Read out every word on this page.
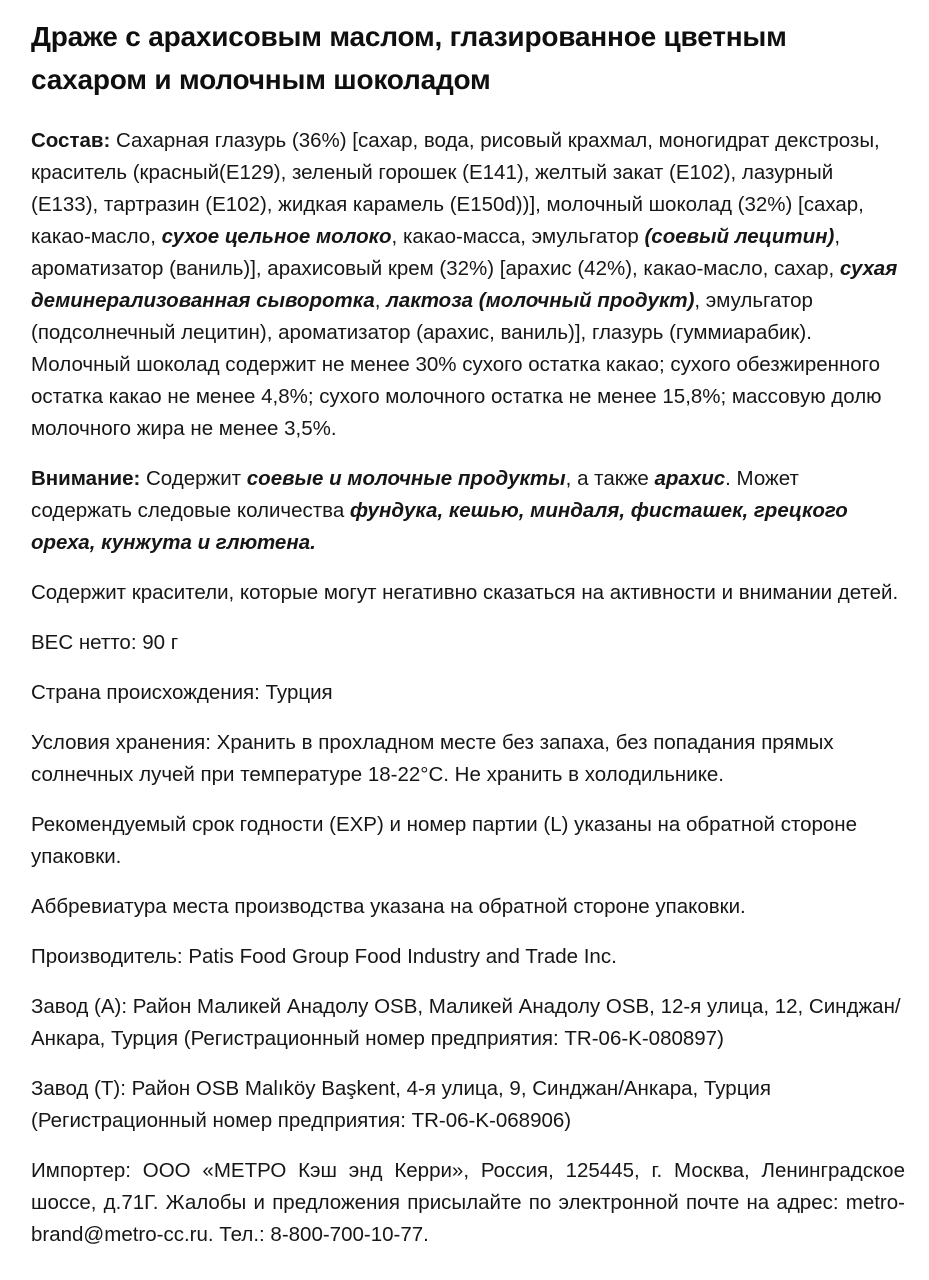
Драже с арахисовым маслом, глазированное цветным сахаром и молочным шоколадом

Состав: Сахарная глазурь (36%) [сахар, вода, рисовый крахмал, моногидрат декстрозы, краситель (красный(E129), зеленый горошек (E141), желтый закат (E102), лазурный (E133), тартразин (E102), жидкая карамель (E150d))], молочный шоколад (32%) [сахар, какао-масло, сухое цельное молоко, какао-масса, эмульгатор (соевый лецитин), ароматизатор (ваниль)], арахисовый крем (32%) [арахис (42%), какао-масло, сахар, сухая деминерализованная сыворотка, лактоза (молочный продукт), эмульгатор (подсолнечный лецитин), ароматизатор (арахис, ваниль)], глазурь (гуммиарабик). Молочный шоколад содержит не менее 30% сухого остатка какао; сухого обезжиренного остатка какао не менее 4,8%; сухого молочного остатка не менее 15,8%; массовую долю молочного жира не менее 3,5%.

Внимание: Содержит соевые и молочные продукты, а также арахис. Может содержать следовые количества фундука, кешью, миндаля, фисташек, грецкого ореха, кунжута и глютена.

Содержит красители, которые могут негативно сказаться на активности и внимании детей.

ВЕС нетто: 90 г

Страна происхождения: Турция

Условия хранения: Хранить в прохладном месте без запаха, без попадания прямых солнечных лучей при температуре 18-22°С. Не хранить в холодильнике.

Рекомендуемый срок годности (EXP) и номер партии (L) указаны на обратной стороне упаковки.

Аббревиатура места производства указана на обратной стороне упаковки.

Производитель: Patis Food Group Food Industry and Trade Inc.

Завод (А): Район Маликей Анадолу OSB, Маликей Анадолу OSB, 12-я улица, 12, Синджан/Анкара, Турция (Регистрационный номер предприятия: TR-06-K-080897)

Завод (Т): Район OSB Malıköy Başkent, 4-я улица, 9, Синджан/Анкара, Турция (Регистрационный номер предприятия: TR-06-K-068906)

Импортер: ООО «МЕТРО Кэш энд Керри», Россия, 125445, г. Москва, Ленинградское шоссе, д.71Г. Жалобы и предложения присылайте по электронной почте на адрес: metro-brand@metro-cc.ru. Тел.: 8-800-700-10-77.
